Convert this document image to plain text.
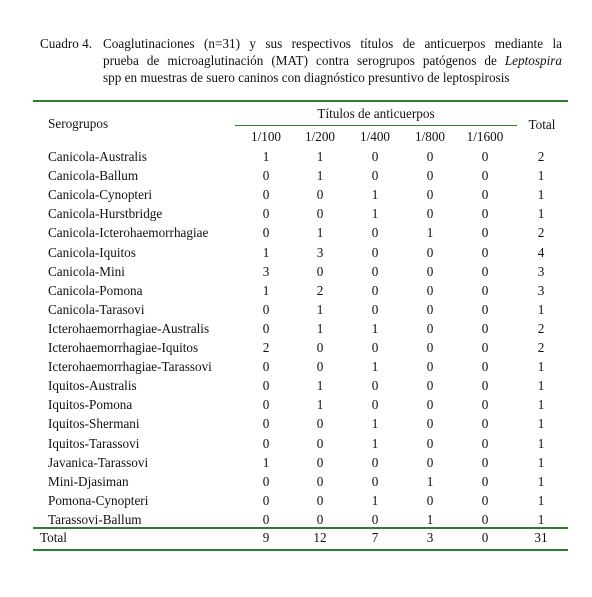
Cuadro 4. Coaglutinaciones (n=31) y sus respectivos títulos de anticuerpos mediante la
prueba de microaglutinación (MAT) contra serogrupos patógenos de Leptospira
spp en muestras de suero caninos con diagnóstico presuntivo de leptospirosis
Serogrupos
Títulos de anticuerpos
Total
1/100	1/200	1/400	1/800	1/1600
Canicola-Australis	1	1	0	0	0	2
Canicola-Ballum	0	1	0	0	0	1
Canicola-Cynopteri	0	0	1	0	0	1
Canicola-Hurstbridge	0	0	1	0	0	1
Canicola-Icterohaemorrhagiae	0	1	0	1	0	2
Canicola-Iquitos	1	3	0	0	0	4
Canicola-Mini	3	0	0	0	0	3
Canicola-Pomona	1	2	0	0	0	3
Canicola-Tarasovi	0	1	0	0	0	1
Icterohaemorrhagiae-Australis	0	1	1	0	0	2
Icterohaemorrhagiae-Iquitos	2	0	0	0	0	2
Icterohaemorrhagiae-Tarassovi	0	0	1	0	0	1
Iquitos-Australis	0	1	0	0	0	1
Iquitos-Pomona	0	1	0	0	0	1
Iquitos-Shermani	0	0	1	0	0	1
Iquitos-Tarassovi	0	0	1	0	0	1
Javanica-Tarassovi	1	0	0	0	0	1
Mini-Djasiman	0	0	0	1	0	1
Pomona-Cynopteri	0	0	1	0	0	1
Tarassovi-Ballum	0	0	0	1	0	1
Total	9	12	7	3	0	31
